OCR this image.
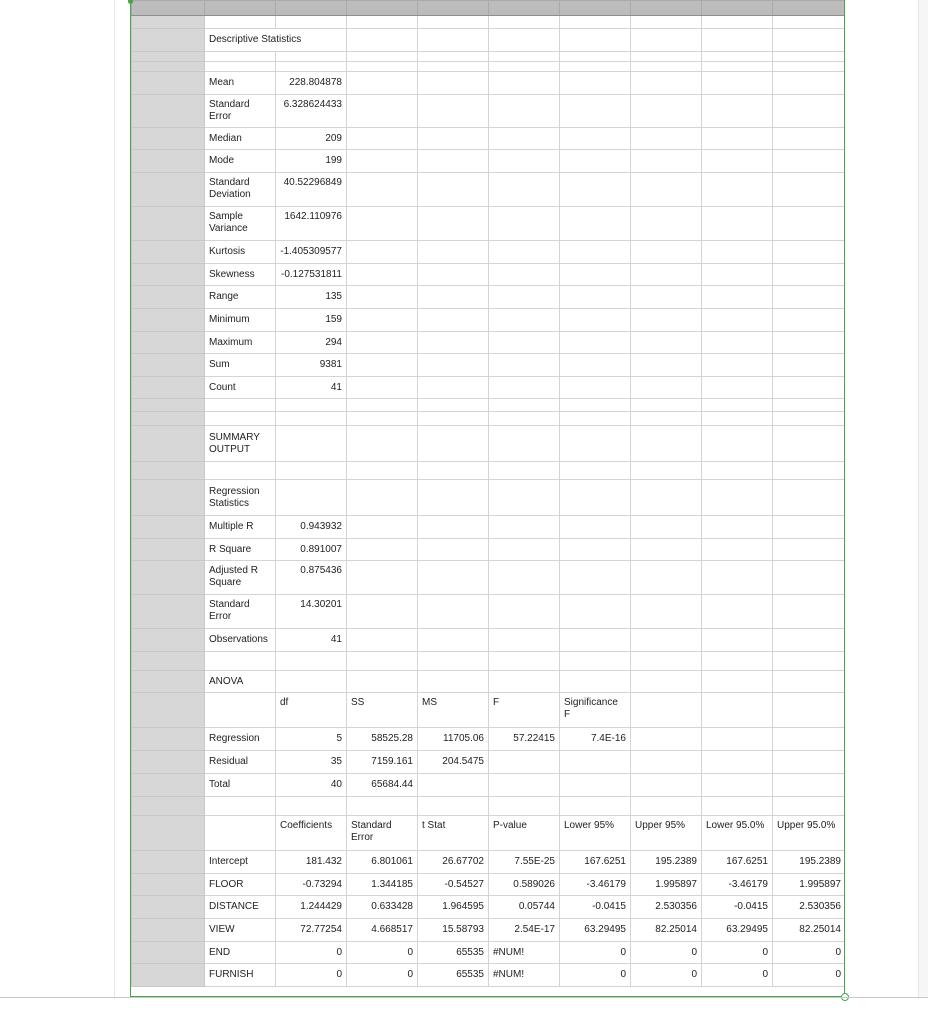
	Descriptive Statistics								

	Mean	228.804878							
	Standard Error	6.328624433							
	Median	209							
	Mode	199							
	Standard Deviation	40.52296849							
	Sample Variance	1642.110976							
	Kurtosis	-1.405309577							
	Skewness	-0.127531811							
	Range	135							
	Minimum	159							
	Maximum	294							
	Sum	9381							
	Count	41							

	SUMMARY OUTPUT								

	Regression Statistics								
	Multiple R	0.943932							
	R Square	0.891007							
	Adjusted R Square	0.875436							
	Standard Error	14.30201							
	Observations	41							

	ANOVA								
		df	SS	MS	F	Significance F			
	Regression	5	58525.28	11705.06	57.22415	7.4E-16			
	Residual	35	7159.161	204.5475					
	Total	40	65684.44						

		Coefficients	Standard Error	t Stat	P-value	Lower 95%	Upper 95%	Lower 95.0%	Upper 95.0%
	Intercept	181.432	6.801061	26.67702	7.55E-25	167.6251	195.2389	167.6251	195.2389
	FLOOR	-0.73294	1.344185	-0.54527	0.589026	-3.46179	1.995897	-3.46179	1.995897
	DISTANCE	1.244429	0.633428	1.964595	0.05744	-0.0415	2.530356	-0.0415	2.530356
	VIEW	72.77254	4.668517	15.58793	2.54E-17	63.29495	82.25014	63.29495	82.25014
	END	0	0	65535	#NUM!	0	0	0	0
	FURNISH	0	0	65535	#NUM!	0	0	0	0
